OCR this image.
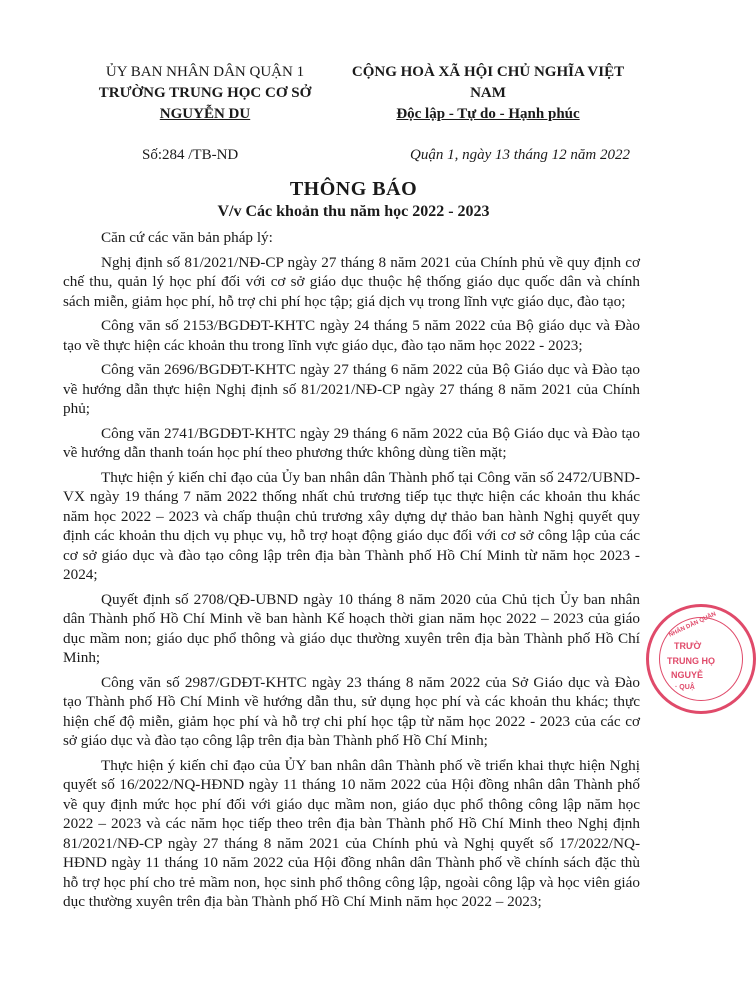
ỦY BAN NHÂN DÂN QUẬN 1
TRƯỜNG TRUNG HỌC CƠ SỞ
NGUYỄN DU
CỘNG HOÀ XÃ HỘI CHỦ NGHĨA VIỆT NAM
Độc lập - Tự do - Hạnh phúc
Số:284 /TB-ND	Quận 1, ngày 13 tháng 12 năm 2022
THÔNG BÁO
V/v Các khoản thu năm học 2022 - 2023

Căn cứ các văn bản pháp lý:

Nghị định số 81/2021/NĐ-CP ngày 27 tháng 8 năm 2021 của Chính phủ về quy định cơ chế thu, quản lý học phí đối với cơ sở giáo dục thuộc hệ thống giáo dục quốc dân và chính sách miễn, giảm học phí, hỗ trợ chi phí học tập; giá dịch vụ trong lĩnh vực giáo dục, đào tạo;

Công văn số 2153/BGDĐT-KHTC ngày 24 tháng 5 năm 2022 của Bộ giáo dục và Đào tạo về thực hiện các khoản thu trong lĩnh vực giáo dục, đào tạo năm học 2022 - 2023;

Công văn 2696/BGDĐT-KHTC ngày 27 tháng 6 năm 2022 của Bộ Giáo dục và Đào tạo về hướng dẫn thực hiện Nghị định số 81/2021/NĐ-CP ngày 27 tháng 8 năm 2021 của Chính phủ;

Công văn 2741/BGDĐT-KHTC ngày 29 tháng 6 năm 2022 của Bộ Giáo dục và Đào tạo về hướng dẫn thanh toán học phí theo phương thức không dùng tiền mặt;

Thực hiện ý kiến chỉ đạo của Ủy ban nhân dân Thành phố tại Công văn số 2472/UBND-VX ngày 19 tháng 7 năm 2022 thống nhất chủ trương tiếp tục thực hiện các khoản thu khác năm học 2022 – 2023 và chấp thuận chủ trương xây dựng dự thảo ban hành Nghị quyết quy định các khoản thu dịch vụ phục vụ, hỗ trợ hoạt động giáo dục đối với cơ sở công lập của các cơ sở giáo dục và đào tạo công lập trên địa bàn Thành phố Hồ Chí Minh từ năm học 2023 - 2024;

Quyết định số 2708/QĐ-UBND ngày 10 tháng 8 năm 2020 của Chủ tịch Ủy ban nhân dân Thành phố Hồ Chí Minh về ban hành Kế hoạch thời gian năm học 2022 – 2023 của giáo dục mầm non; giáo dục phổ thông và giáo dục thường xuyên trên địa bàn Thành phố Hồ Chí Minh;

Công văn số 2987/GDĐT-KHTC ngày 23 tháng 8 năm 2022 của Sở Giáo dục và Đào tạo Thành phố Hồ Chí Minh về hướng dẫn thu, sử dụng học phí và các khoản thu khác; thực hiện chế độ miễn, giảm học phí và hỗ trợ chi phí học tập từ năm học 2022 - 2023 của các cơ sở giáo dục và đào tạo công lập trên địa bàn Thành phố Hồ Chí Minh;

Thực hiện ý kiến chỉ đạo của ỦY ban nhân dân Thành phố về triển khai thực hiện Nghị quyết số 16/2022/NQ-HĐND ngày 11 tháng 10 năm 2022 của Hội đồng nhân dân Thành phố về quy định mức học phí đối với giáo dục mầm non, giáo dục phổ thông công lập năm học 2022 – 2023 và các năm học tiếp theo trên địa bàn Thành phố Hồ Chí Minh theo Nghị định 81/2021/NĐ-CP ngày 27 tháng 8 năm 2021 của Chính phủ và Nghị quyết số 17/2022/NQ-HĐND ngày 11 tháng 10 năm 2022 của Hội đồng nhân dân Thành phố về chính sách đặc thù hỗ trợ học phí cho trẻ mầm non, học sinh phổ thông công lập, ngoài công lập và học viên giáo dục thường xuyên trên địa bàn Thành phố Hồ Chí Minh năm học 2022 – 2023;

NHÂN DÂN QUẬN
TRƯỜ
TRUNG HỌ
NGUYỄ
· QUẬ
